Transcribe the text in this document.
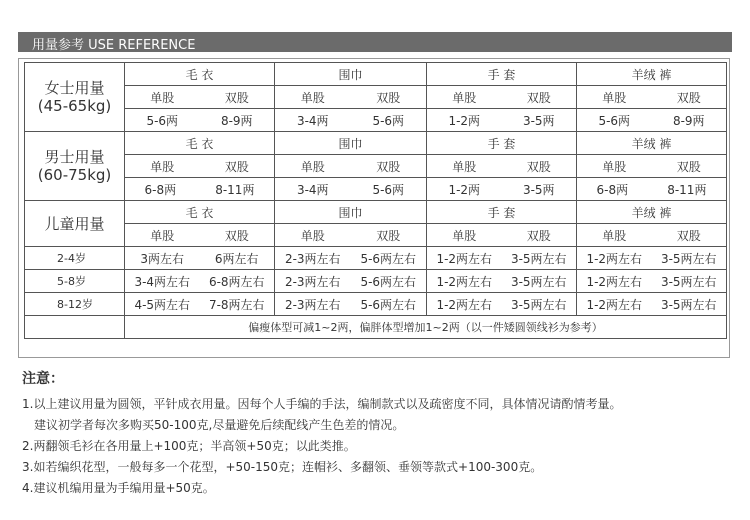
用量参考 USE REFERENCE
女士用量
(45-65kg)	毛 衣	围巾	手 套	羊绒 裤

	单股 双股	单股 双股	单股 双股	单股 双股

	5-6两 8-9两	3-4两 5-6两	1-2两 3-5两	5-6两 8-9两

男士用量
(60-75kg)	毛 衣	围巾	手 套	羊绒 裤

	单股 双股	单股 双股	单股 双股	单股 双股

	6-8两 8-11两	3-4两 5-6两	1-2两 3-5两	6-8两 8-11两

儿童用量	毛 衣	围巾	手 套	羊绒 裤

	单股 双股	单股 双股	单股 双股	单股 双股

2-4岁	3两左右 6两左右	2-3两左右 5-6两左右	1-2两左右 3-5两左右	1-2两左右 3-5两左右

5-8岁	3-4两左右 6-8两左右	2-3两左右 5-6两左右	1-2两左右 3-5两左右	1-2两左右 3-5两左右

8-12岁	4-5两左右 7-8两左右	2-3两左右 5-6两左右	1-2两左右 3-5两左右	1-2两左右 3-5两左右

	偏瘦体型可减1~2两，偏胖体型增加1~2两（以一件矮圆领线衫为参考）			
注意：
1.以上建议用量为圆领，平针成衣用量。因每个人手编的手法，编制款式以及疏密度不同，具体情况请酌情考量。
建议初学者每次多购买50-100克,尽量避免后续配线产生色差的情况。
2.两翻领毛衫在各用量上+100克；半高领+50克；以此类推。
3.如若编织花型，一般每多一个花型，+50-150克；连帽衫、多翻领、垂领等款式+100-300克。
4.建议机编用量为手编用量+50克。
